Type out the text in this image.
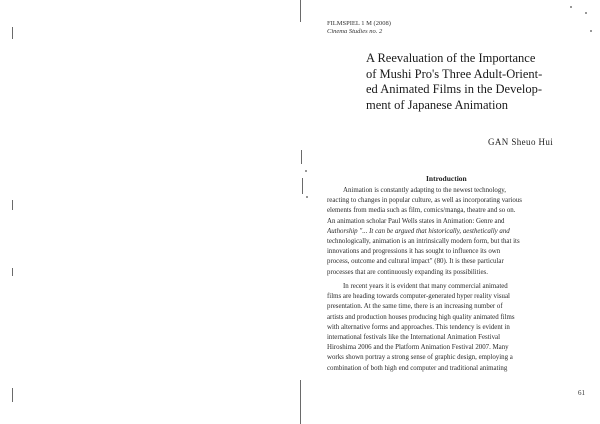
FILMSPIEL 1 M (2008)
Cinema Studies no. 2
A Reevaluation of the Importance
of Mushi Pro's Three Adult-Orient-
ed Animated Films in the Develop-
ment of Japanese Animation
GAN Sheuo Hui
Introduction
Animation is constantly adapting to the newest technology,
reacting to changes in popular culture, as well as incorporating various
elements from media such as film, comics/manga, theatre and so on.
An animation scholar Paul Wells states in Animation: Genre and
Authorship "... It can be argued that historically, aesthetically and
technologically, animation is an intrinsically modern form, but that its
innovations and progressions it has sought to influence its own
process, outcome and cultural impact" (80). It is these particular
processes that are continuously expanding its possibilities.
In recent years it is evident that many commercial animated
films are heading towards computer-generated hyper reality visual
presentation. At the same time, there is an increasing number of
artists and production houses producing high quality animated films
with alternative forms and approaches. This tendency is evident in
international festivals like the International Animation Festival
Hiroshima 2006 and the Platform Animation Festival 2007. Many
works shown portray a strong sense of graphic design, employing a
combination of both high end computer and traditional animating
61
